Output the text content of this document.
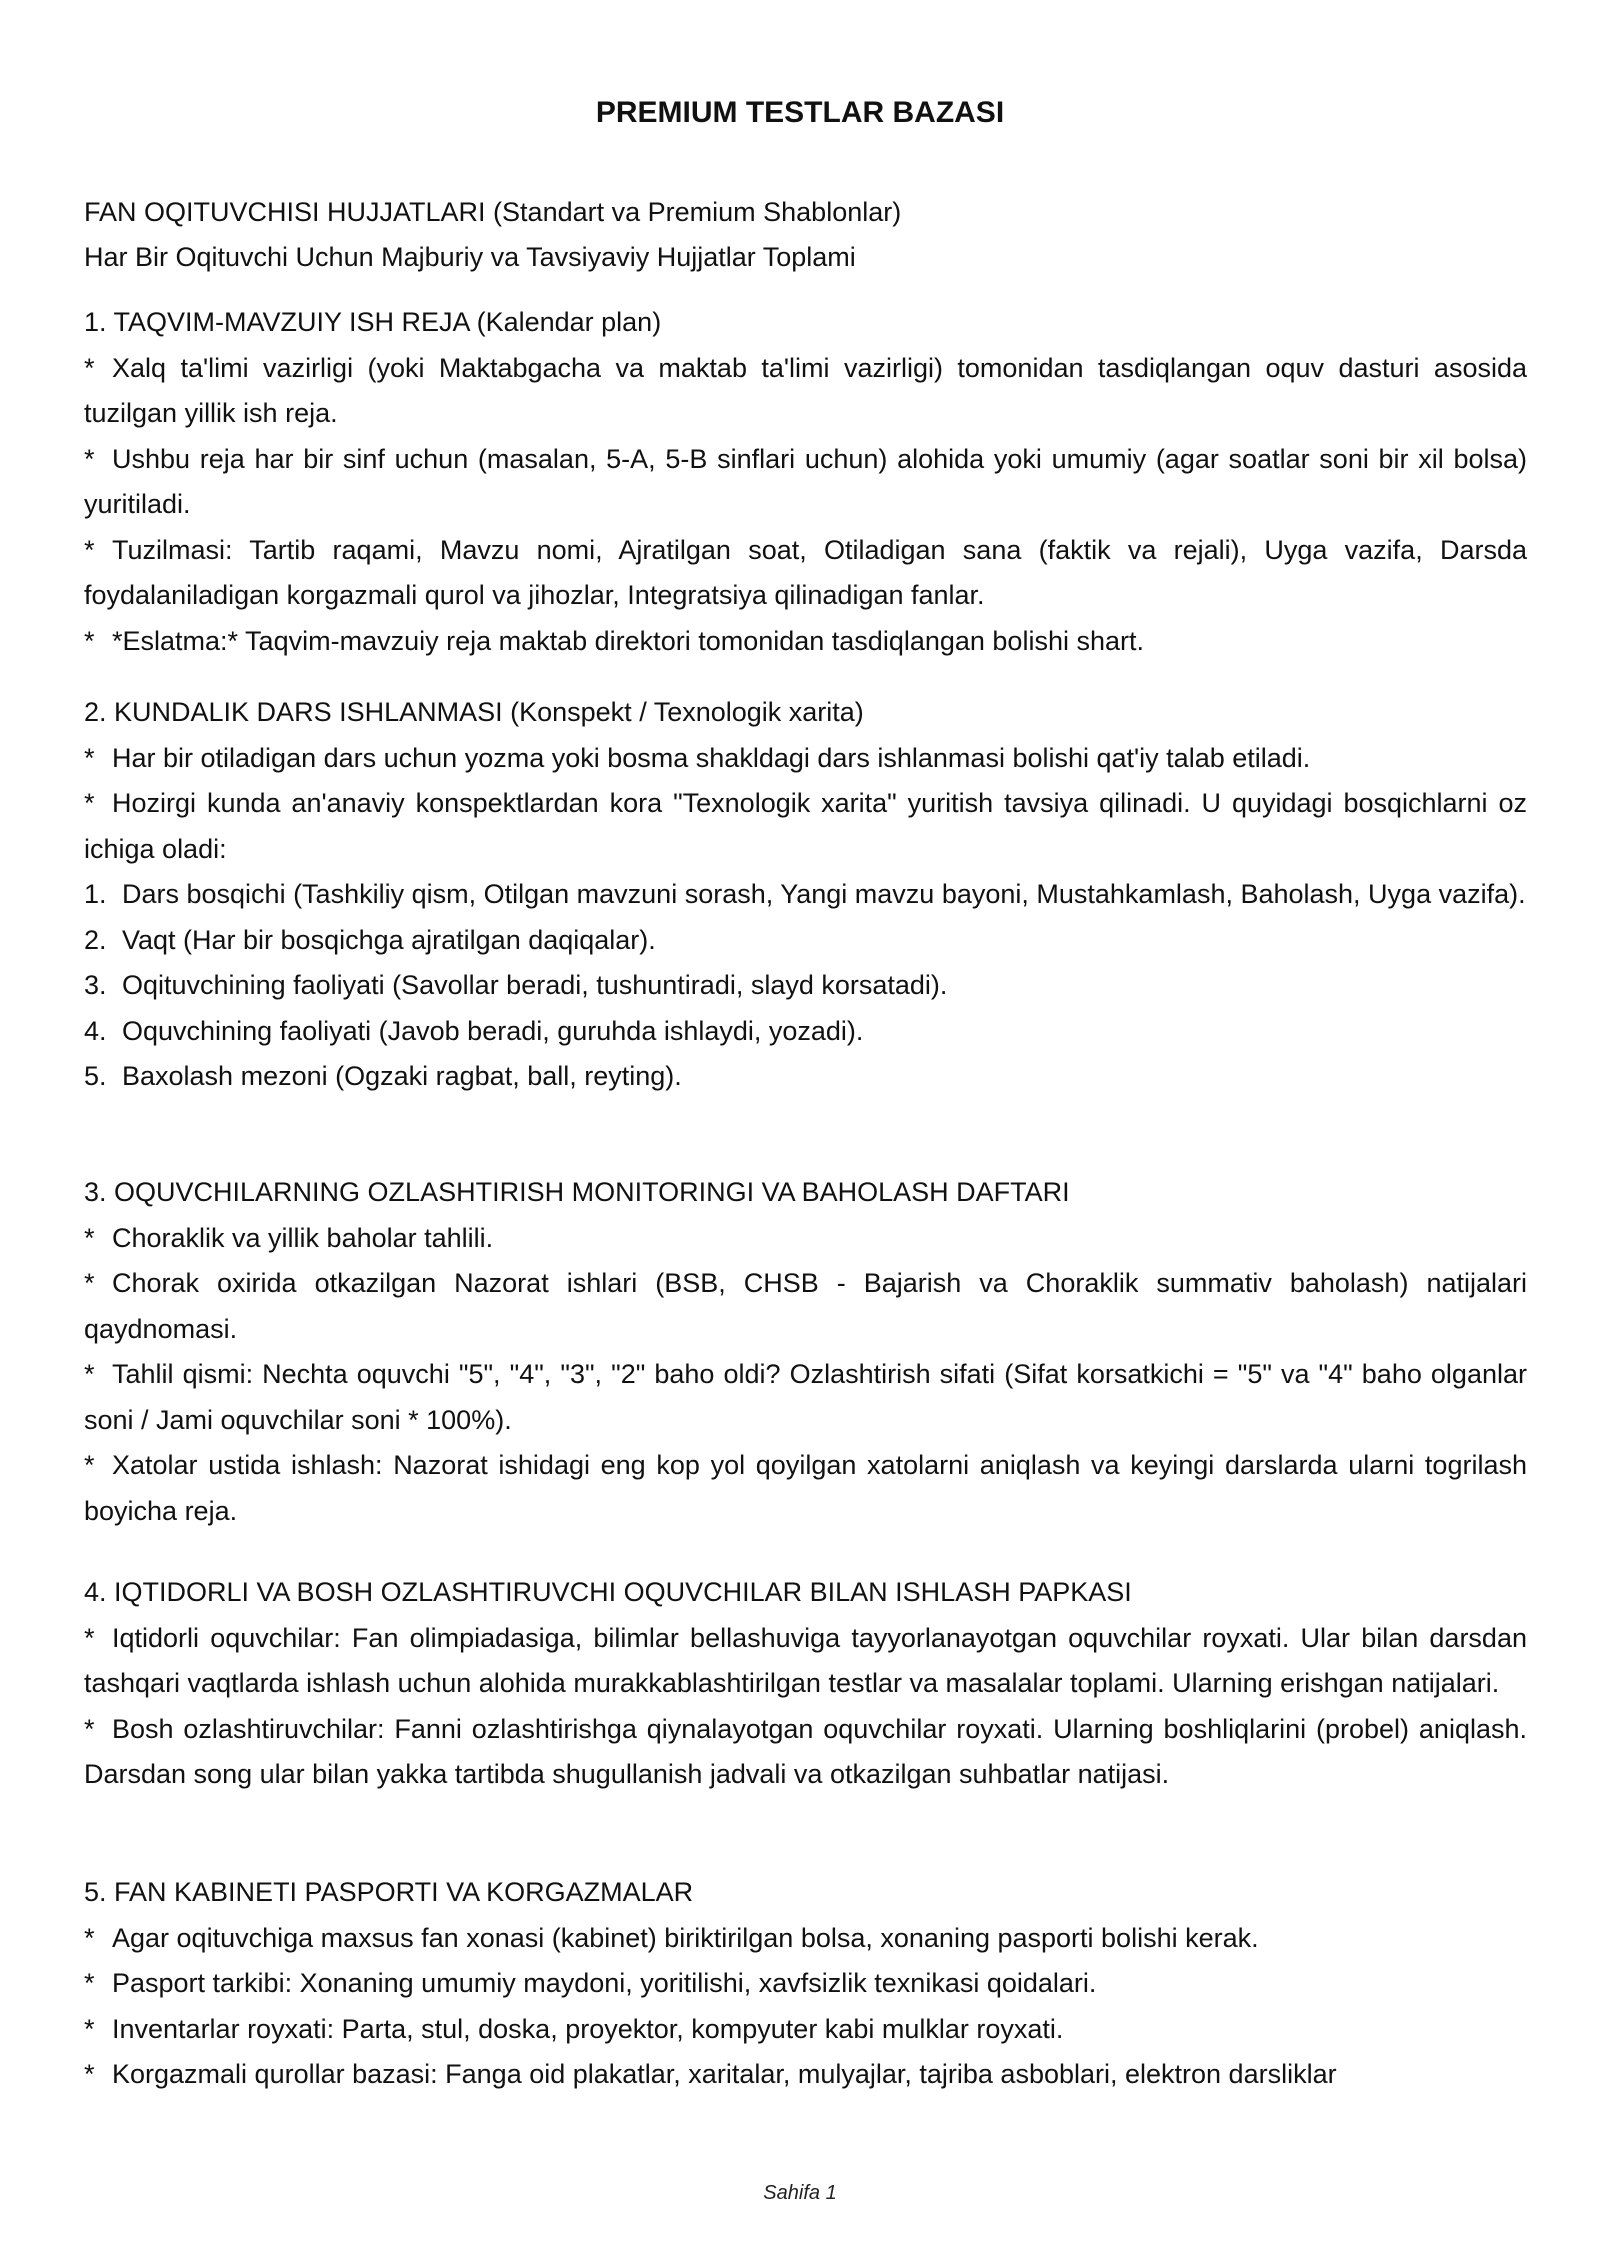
PREMIUM TESTLAR BAZASI
FAN OQITUVCHISI HUJJATLARI (Standart va Premium Shablonlar)
Har Bir Oqituvchi Uchun Majburiy va Tavsiyaviy Hujjatlar Toplami
1. TAQVIM-MAVZUIY ISH REJA (Kalendar plan)
* Xalq ta'limi vazirligi (yoki Maktabgacha va maktab ta'limi vazirligi) tomonidan tasdiqlangan oquv dasturi asosida tuzilgan yillik ish reja.
* Ushbu reja har bir sinf uchun (masalan, 5-A, 5-B sinflari uchun) alohida yoki umumiy (agar soatlar soni bir xil bolsa) yuritiladi.
* Tuzilmasi: Tartib raqami, Mavzu nomi, Ajratilgan soat, Otiladigan sana (faktik va rejali), Uyga vazifa, Darsda foydalaniladigan korgazmali qurol va jihozlar, Integratsiya qilinadigan fanlar.
* *Eslatma:* Taqvim-mavzuiy reja maktab direktori tomonidan tasdiqlangan bolishi shart.
2. KUNDALIK DARS ISHLANMASI (Konspekt / Texnologik xarita)
* Har bir otiladigan dars uchun yozma yoki bosma shakldagi dars ishlanmasi bolishi qat'iy talab etiladi.
* Hozirgi kunda an'anaviy konspektlardan kora "Texnologik xarita" yuritish tavsiya qilinadi. U quyidagi bosqichlarni oz ichiga oladi:
1. Dars bosqichi (Tashkiliy qism, Otilgan mavzuni sorash, Yangi mavzu bayoni, Mustahkamlash, Baholash, Uyga vazifa).
2. Vaqt (Har bir bosqichga ajratilgan daqiqalar).
3. Oqituvchining faoliyati (Savollar beradi, tushuntiradi, slayd korsatadi).
4. Oquvchining faoliyati (Javob beradi, guruhda ishlaydi, yozadi).
5. Baxolash mezoni (Ogzaki ragbat, ball, reyting).
3. OQUVCHILARNING OZLASHTIRISH MONITORINGI VA BAHOLASH DAFTARI
* Choraklik va yillik baholar tahlili.
* Chorak oxirida otkazilgan Nazorat ishlari (BSB, CHSB - Bajarish va Choraklik summativ baholash) natijalari qaydnomasi.
* Tahlil qismi: Nechta oquvchi "5", "4", "3", "2" baho oldi? Ozlashtirish sifati (Sifat korsatkichi = "5" va "4" baho olganlar soni / Jami oquvchilar soni * 100%).
* Xatolar ustida ishlash: Nazorat ishidagi eng kop yol qoyilgan xatolarni aniqlash va keyingi darslarda ularni togrilash boyicha reja.
4. IQTIDORLI VA BOSH OZLASHTIRUVCHI OQUVCHILAR BILAN ISHLASH PAPKASI
* Iqtidorli oquvchilar: Fan olimpiadasiga, bilimlar bellashuviga tayyorlanayotgan oquvchilar royxati. Ular bilan darsdan tashqari vaqtlarda ishlash uchun alohida murakkablashtirilgan testlar va masalalar toplami. Ularning erishgan natijalari.
* Bosh ozlashtiruvchilar: Fanni ozlashtirishga qiynalayotgan oquvchilar royxati. Ularning boshliqlarini (probel) aniqlash. Darsdan song ular bilan yakka tartibda shugullanish jadvali va otkazilgan suhbatlar natijasi.
5. FAN KABINETI PASPORTI VA KORGAZMALAR
* Agar oqituvchiga maxsus fan xonasi (kabinet) biriktirilgan bolsa, xonaning pasporti bolishi kerak.
* Pasport tarkibi: Xonaning umumiy maydoni, yoritilishi, xavfsizlik texnikasi qoidalari.
* Inventarlar royxati: Parta, stul, doska, proyektor, kompyuter kabi mulklar royxati.
* Korgazmali qurollar bazasi: Fanga oid plakatlar, xaritalar, mulyajlar, tajriba asboblari, elektron darsliklar
Sahifa 1
